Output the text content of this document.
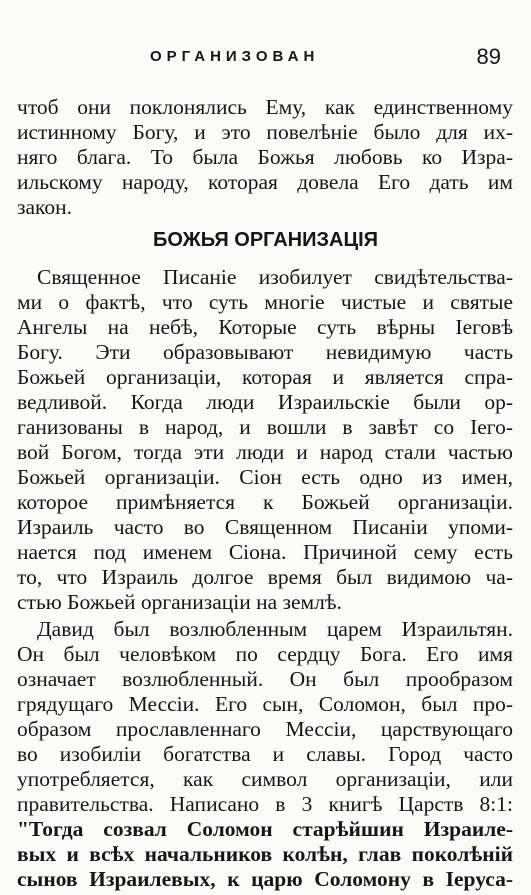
ОРГАНИЗОВАН	89
чтоб они поклонялись Ему, как единственному
истинному Богу, и это повелѣніе было для их-
няго блага. То была Божья любовь ко Изра-
ильскому народу, которая довела Его дать им
закон.
БОЖЬЯ ОРГАНИЗАЦІЯ
Священное Писаніе изобилует свидѣтельства-
ми о фактѣ, что суть многіе чистые и святые
Ангелы на небѣ, Которые суть вѣрны Іеговѣ
Богу. Эти образовывают невидимую часть
Божьей организаціи, которая и является спра-
ведливой. Когда люди Израильскіе были ор-
ганизованы в народ, и вошли в завѣт со Іего-
вой Богом, тогда эти люди и народ стали частью
Божьей организаціи. Сіон есть одно из имен,
которое примѣняется к Божьей организаціи.
Израиль часто во Священном Писаніи упоми-
нается под именем Сіона. Причиной сему есть
то, что Израиль долгое время был видимою ча-
стью Божьей организаціи на землѣ.
Давид был возлюбленным царем Израильтян.
Он был человѣком по сердцу Бога. Его имя
означает возлюбленный. Он был прообразом
грядущаго Мессіи. Его сын, Соломон, был про-
образом прославленнаго Мессіи, царствующаго
во изобиліи богатства и славы. Город часто
употребляется, как символ организаціи, или
правительства. Написано в 3 книгѣ Царств 8:1:
"Тогда созвал Соломон старѣйшин Израиле-
вых и всѣх начальников колѣн, глав поколѣній
сынов Израилевых, к царю Соломону в Іеруса-
